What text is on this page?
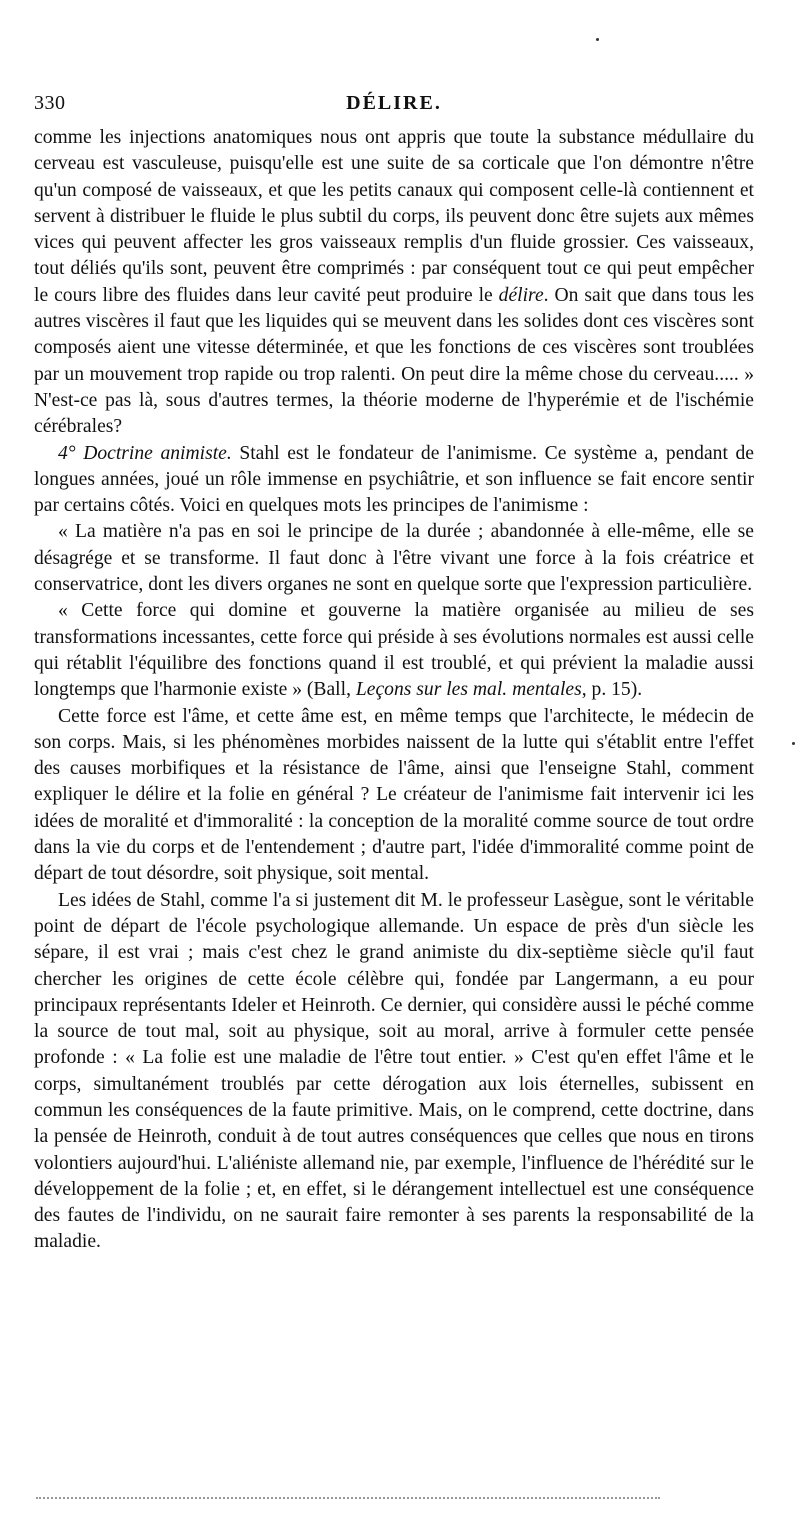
330	DÉLIRE.

comme les injections anatomiques nous ont appris que toute la substance médullaire du cerveau est vasculeuse, puisqu'elle est une suite de sa corticale que l'on démontre n'être qu'un composé de vaisseaux, et que les petits canaux qui composent celle-là contiennent et servent à distribuer le fluide le plus subtil du corps, ils peuvent donc être sujets aux mêmes vices qui peuvent affecter les gros vaisseaux remplis d'un fluide grossier. Ces vaisseaux, tout déliés qu'ils sont, peuvent être comprimés : par conséquent tout ce qui peut empêcher le cours libre des fluides dans leur cavité peut produire le délire. On sait que dans tous les autres viscères il faut que les liquides qui se meuvent dans les solides dont ces viscères sont composés aient une vitesse déterminée, et que les fonctions de ces viscères sont troublées par un mouvement trop rapide ou trop ralenti. On peut dire la même chose du cerveau..... » N'est-ce pas là, sous d'autres termes, la théorie moderne de l'hyperémie et de l'ischémie cérébrales?

4° Doctrine animiste. Stahl est le fondateur de l'animisme. Ce système a, pendant de longues années, joué un rôle immense en psychiâtrie, et son influence se fait encore sentir par certains côtés. Voici en quelques mots les principes de l'animisme :

« La matière n'a pas en soi le principe de la durée ; abandonnée à elle-même, elle se désagrége et se transforme. Il faut donc à l'être vivant une force à la fois créatrice et conservatrice, dont les divers organes ne sont en quelque sorte que l'expression particulière.

« Cette force qui domine et gouverne la matière organisée au milieu de ses transformations incessantes, cette force qui préside à ses évolutions normales est aussi celle qui rétablit l'équilibre des fonctions quand il est troublé, et qui prévient la maladie aussi longtemps que l'harmonie existe » (Ball, Leçons sur les mal. mentales, p. 15).

Cette force est l'âme, et cette âme est, en même temps que l'architecte, le médecin de son corps. Mais, si les phénomènes morbides naissent de la lutte qui s'établit entre l'effet des causes morbifiques et la résistance de l'âme, ainsi que l'enseigne Stahl, comment expliquer le délire et la folie en général ? Le créateur de l'animisme fait intervenir ici les idées de moralité et d'immoralité : la conception de la moralité comme source de tout ordre dans la vie du corps et de l'entendement ; d'autre part, l'idée d'immoralité comme point de départ de tout désordre, soit physique, soit mental.

Les idées de Stahl, comme l'a si justement dit M. le professeur Lasègue, sont le véritable point de départ de l'école psychologique allemande. Un espace de près d'un siècle les sépare, il est vrai ; mais c'est chez le grand animiste du dix-septième siècle qu'il faut chercher les origines de cette école célèbre qui, fondée par Langermann, a eu pour principaux représentants Ideler et Heinroth. Ce dernier, qui considère aussi le péché comme la source de tout mal, soit au physique, soit au moral, arrive à formuler cette pensée profonde : « La folie est une maladie de l'être tout entier. » C'est qu'en effet l'âme et le corps, simultanément troublés par cette dérogation aux lois éternelles, subissent en commun les conséquences de la faute primitive. Mais, on le comprend, cette doctrine, dans la pensée de Heinroth, conduit à de tout autres conséquences que celles que nous en tirons volontiers aujourd'hui. L'aliéniste allemand nie, par exemple, l'influence de l'hérédité sur le développement de la folie ; et, en effet, si le dérangement intellectuel est une conséquence des fautes de l'individu, on ne saurait faire remonter à ses parents la responsabilité de la maladie.
